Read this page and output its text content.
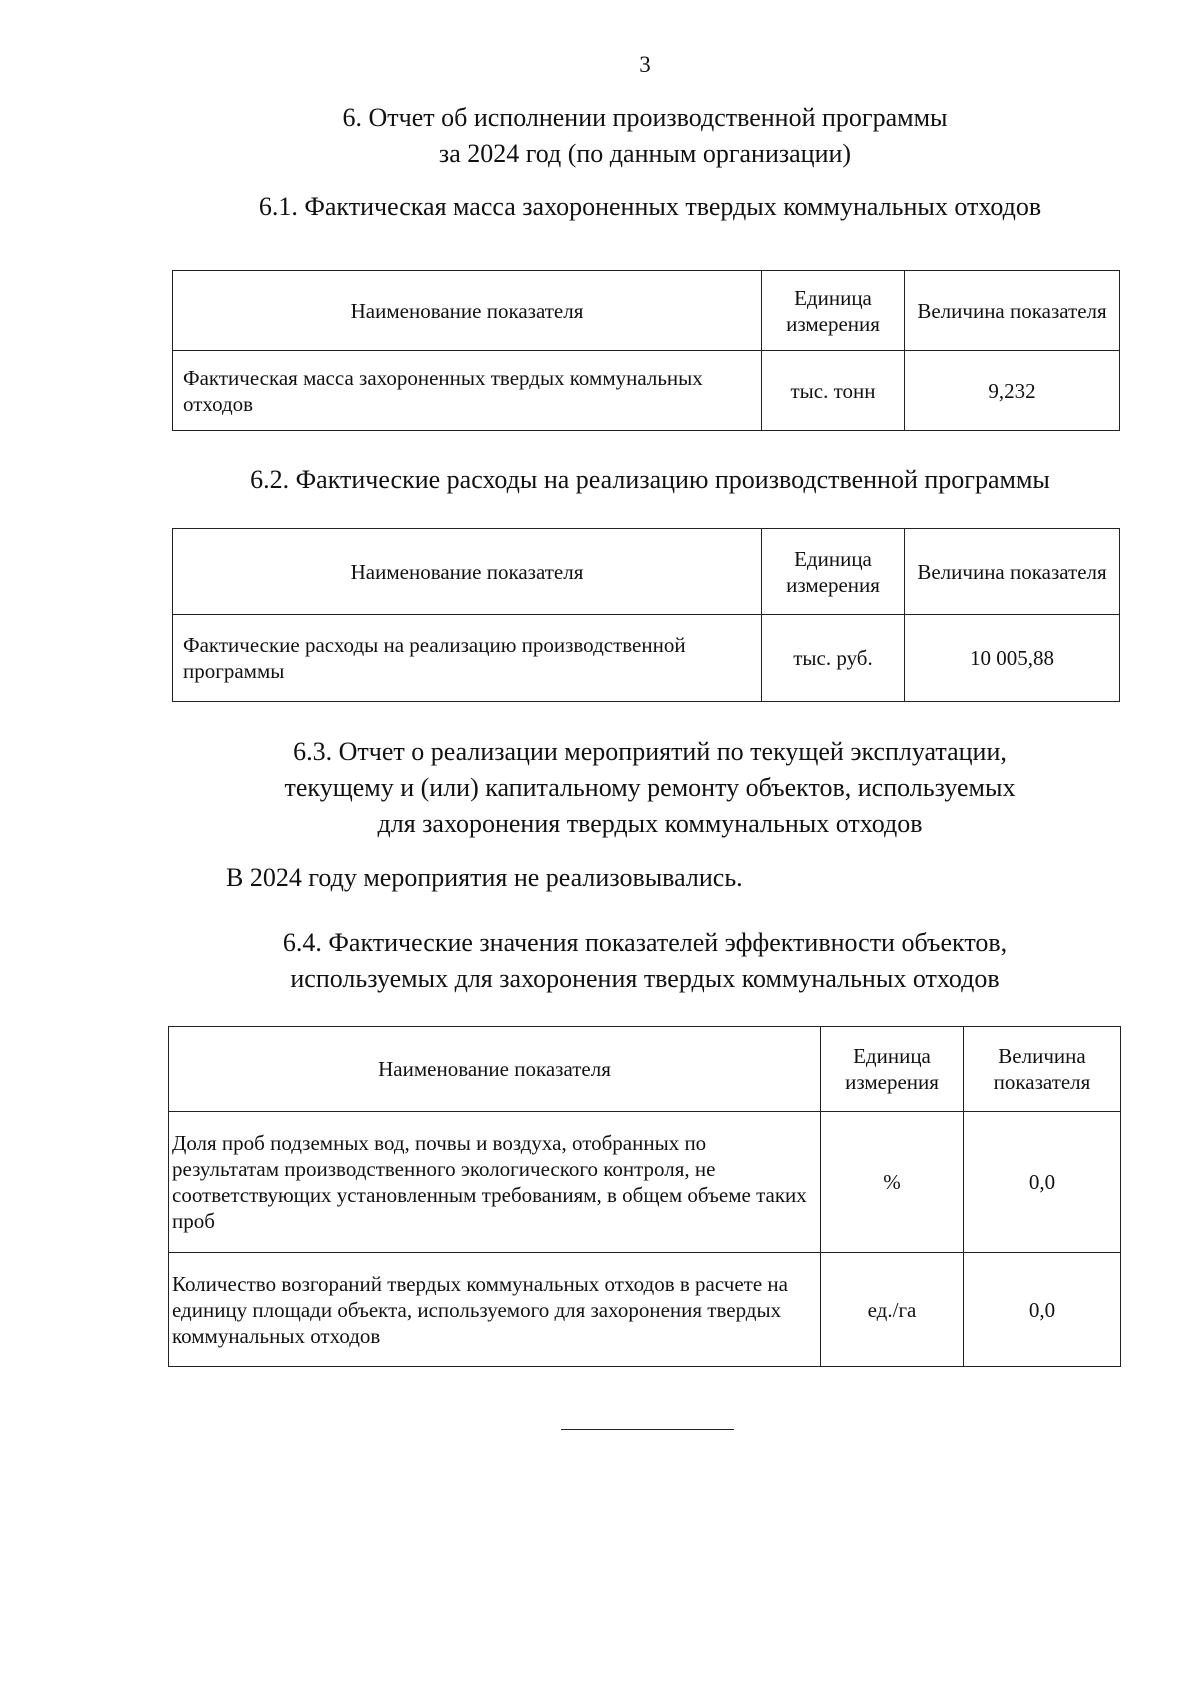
3
6. Отчет об исполнении производственной программы
за 2024 год (по данным организации)
6.1. Фактическая масса захороненных твердых коммунальных отходов
Наименование показателя	Единица измерения	Величина показателя
Фактическая масса захороненных твердых коммунальных отходов	тыс. тонн	9,232
6.2. Фактические расходы на реализацию производственной программы
Наименование показателя	Единица измерения	Величина показателя
Фактические расходы на реализацию производственной программы	тыс. руб.	10 005,88
6.3. Отчет о реализации мероприятий по текущей эксплуатации,
текущему и (или) капитальному ремонту объектов, используемых
для захоронения твердых коммунальных отходов
В 2024 году мероприятия не реализовывались.
6.4. Фактические значения показателей эффективности объектов,
используемых для захоронения твердых коммунальных отходов
Наименование показателя	Единица измерения	Величина показателя
Доля проб подземных вод, почвы и воздуха, отобранных по результатам производственного экологического контроля, не соответствующих установленным требованиям, в общем объеме таких проб	%	0,0
Количество возгораний твердых коммунальных отходов в расчете на единицу площади объекта, используемого для захоронения твердых коммунальных отходов	ед./га	0,0
